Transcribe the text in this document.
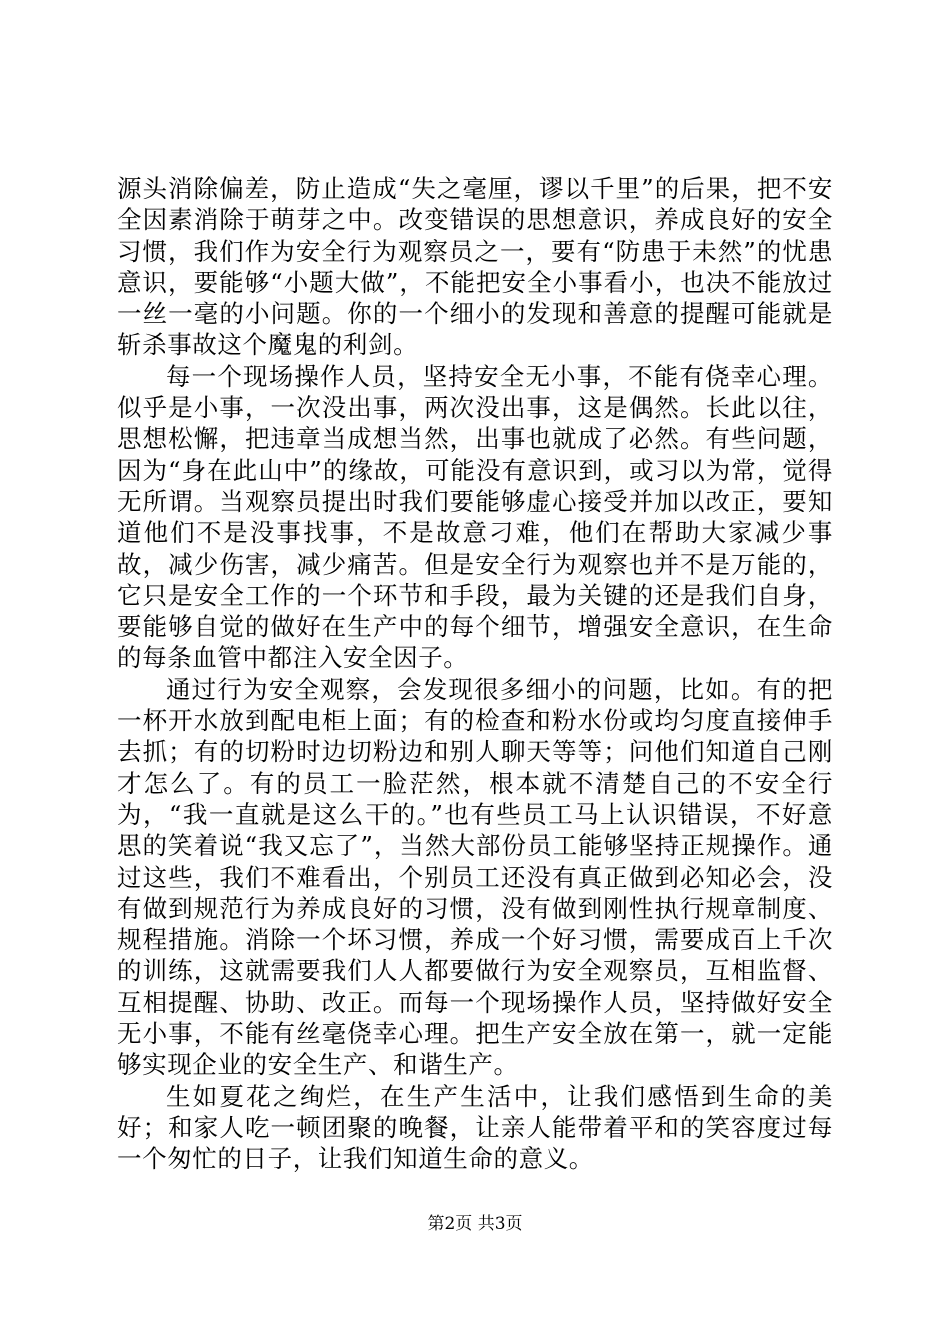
源头消除偏差，防止造成“失之毫厘，谬以千里”的后果，把不安全因素消除于萌芽之中。改变错误的思想意识，养成良好的安全习惯，我们作为安全行为观察员之一，要有“防患于未然”的忧患意识，要能够“小题大做”，不能把安全小事看小，也决不能放过一丝一毫的小问题。你的一个细小的发现和善意的提醒可能就是斩杀事故这个魔鬼的利剑。

每一个现场操作人员，坚持安全无小事，不能有侥幸心理。似乎是小事，一次没出事，两次没出事，这是偶然。长此以往，思想松懈，把违章当成想当然，出事也就成了必然。有些问题，因为“身在此山中”的缘故，可能没有意识到，或习以为常，觉得无所谓。当观察员提出时我们要能够虚心接受并加以改正，要知道他们不是没事找事，不是故意刁难，他们在帮助大家减少事故，减少伤害，减少痛苦。但是安全行为观察也并不是万能的，它只是安全工作的一个环节和手段，最为关键的还是我们自身，要能够自觉的做好在生产中的每个细节，增强安全意识，在生命的每条血管中都注入安全因子。

通过行为安全观察，会发现很多细小的问题，比如。有的把一杯开水放到配电柜上面；有的检查和粉水份或均匀度直接伸手去抓；有的切粉时边切粉边和别人聊天等等；问他们知道自己刚才怎么了。有的员工一脸茫然，根本就不清楚自己的不安全行为，“我一直就是这么干的。”也有些员工马上认识错误，不好意思的笑着说“我又忘了”，当然大部份员工能够坚持正规操作。通过这些，我们不难看出，个别员工还没有真正做到必知必会，没有做到规范行为养成良好的习惯，没有做到刚性执行规章制度、规程措施。消除一个坏习惯，养成一个好习惯，需要成百上千次的训练，这就需要我们人人都要做行为安全观察员，互相监督、互相提醒、协助、改正。而每一个现场操作人员，坚持做好安全无小事，不能有丝毫侥幸心理。把生产安全放在第一，就一定能够实现企业的安全生产、和谐生产。

生如夏花之绚烂，在生产生活中，让我们感悟到生命的美好；和家人吃一顿团聚的晚餐，让亲人能带着平和的笑容度过每一个匆忙的日子，让我们知道生命的意义。

第2页 共3页
